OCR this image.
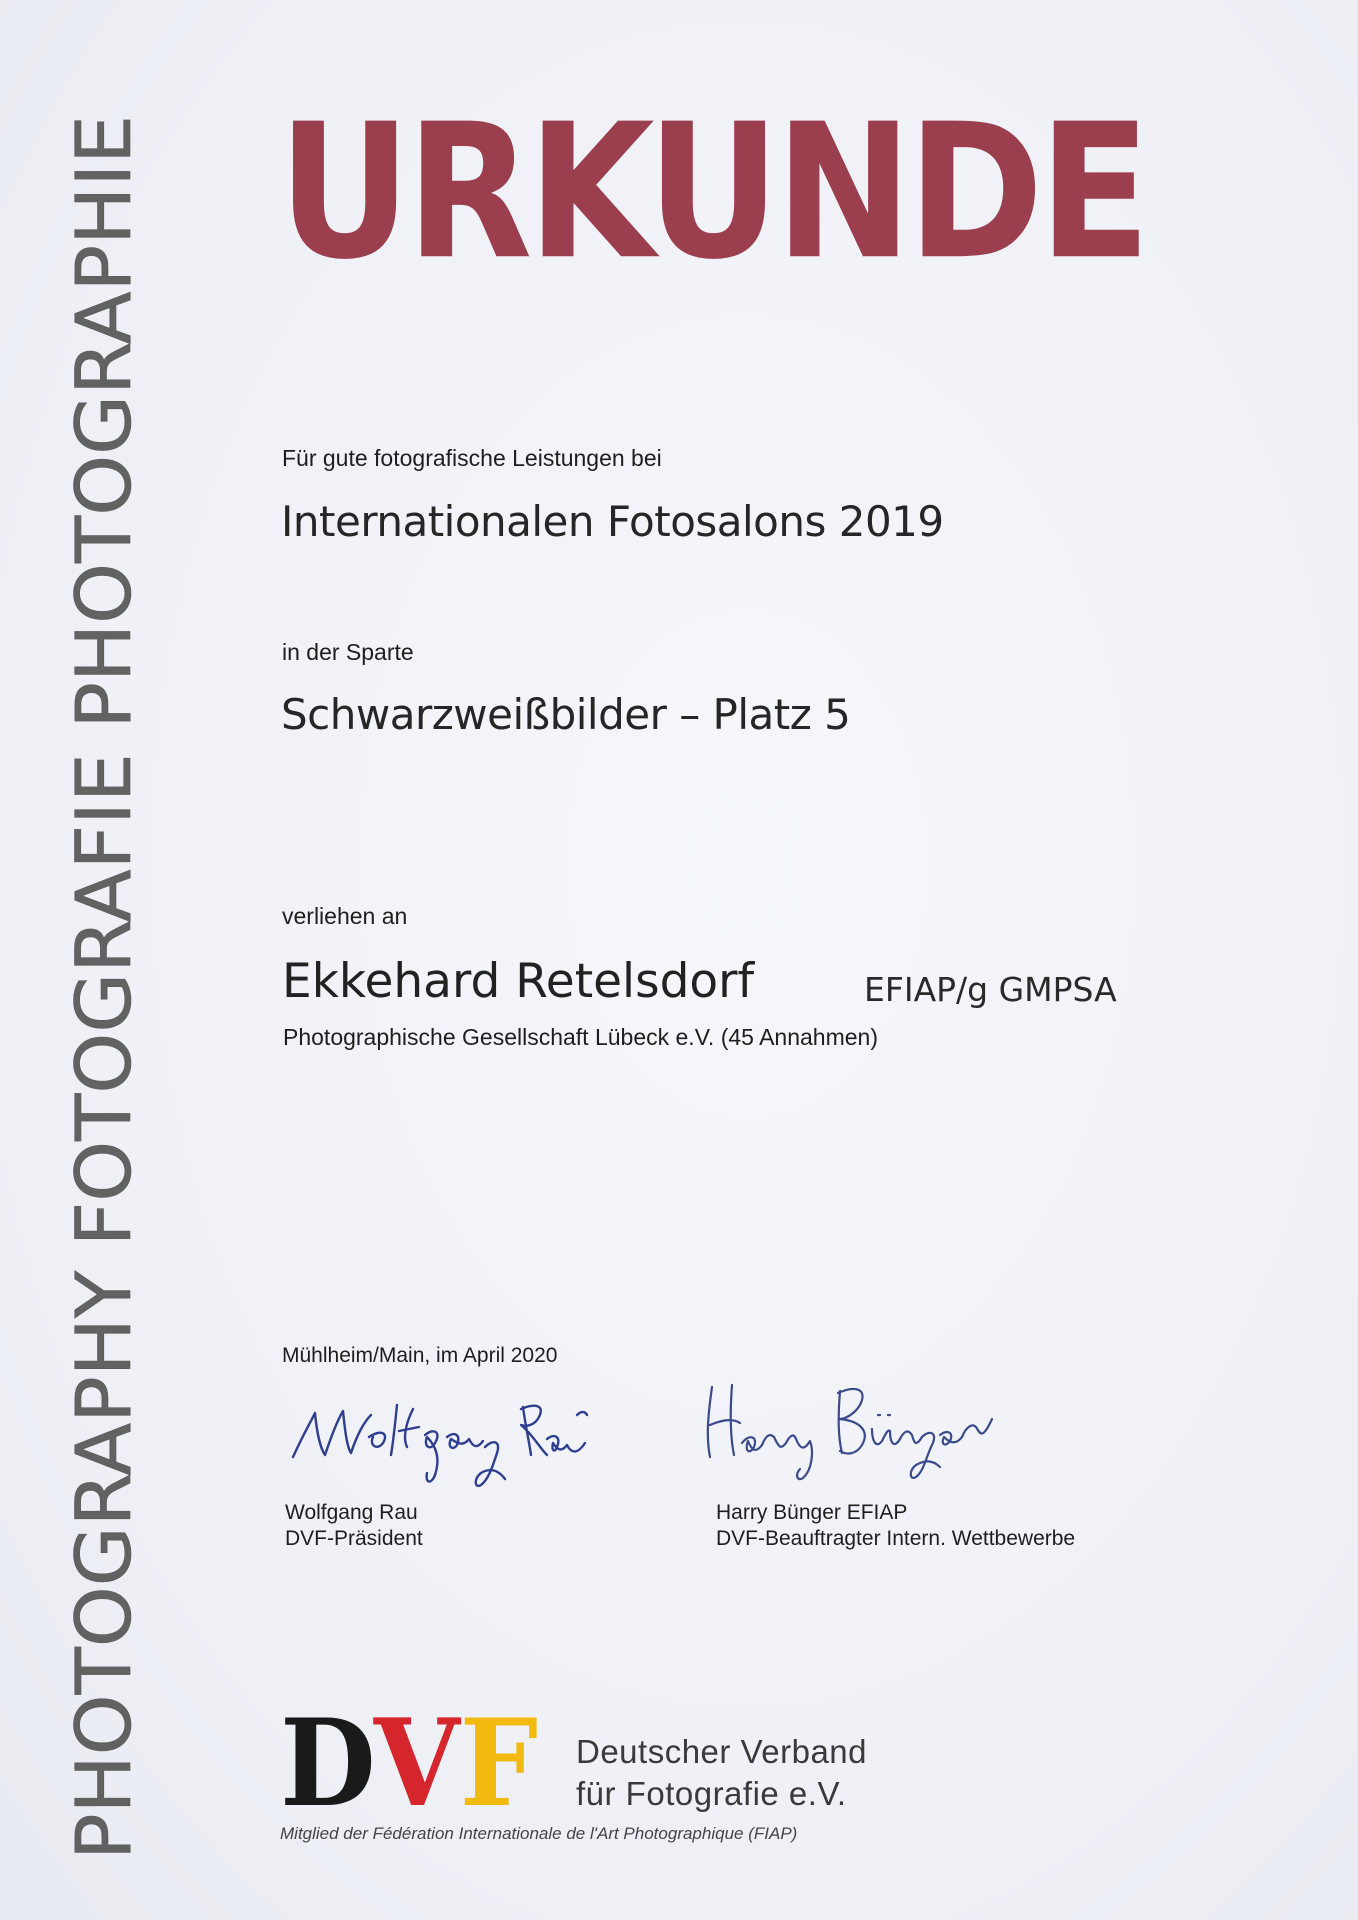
PHOTOGRAPHY FOTOGRAFIE PHOTOGRAPHIE URKUNDE
Für gute fotografische Leistungen bei
Internationalen Fotosalons 2019
in der Sparte
Schwarzweißbilder – Platz 5
verliehen an
Ekkehard Retelsdorf	EFIAP/g GMPSA
Photographische Gesellschaft Lübeck e.V. (45 Annahmen)
Mühlheim/Main, im April 2020
Wolfgang Rau
DVF-Präsident
Harry Bünger EFIAP
DVF-Beauftragter Intern. Wettbewerbe
DVF Deutscher Verband
für Fotografie e.V.
Mitglied der Fédération Internationale de l'Art Photographique (FIAP)
